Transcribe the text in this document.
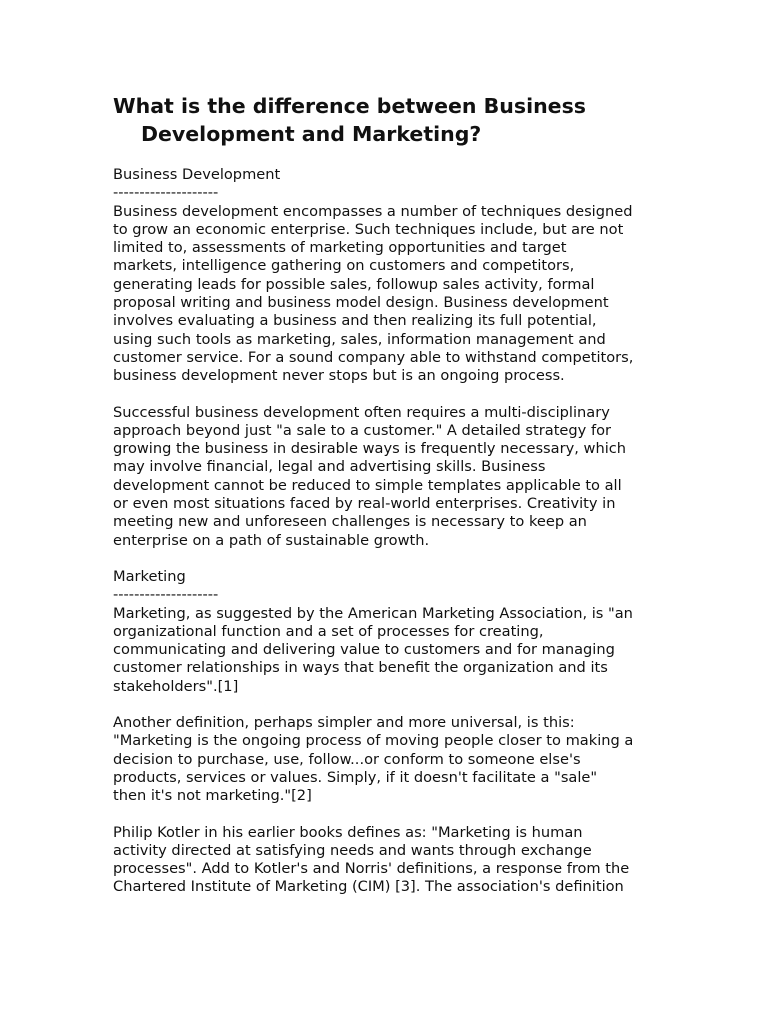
What is the difference between Business Development and Marketing?
Business Development
--------------------

Business development encompasses a number of techniques designed
to grow an economic enterprise. Such techniques include, but are not
limited to, assessments of marketing opportunities and target
markets, intelligence gathering on customers and competitors,
generating leads for possible sales, followup sales activity, formal
proposal writing and business model design. Business development
involves evaluating a business and then realizing its full potential,
using such tools as marketing, sales, information management and
customer service. For a sound company able to withstand competitors,
business development never stops but is an ongoing process.

Successful business development often requires a multi-disciplinary
approach beyond just "a sale to a customer." A detailed strategy for
growing the business in desirable ways is frequently necessary, which
may involve financial, legal and advertising skills. Business
development cannot be reduced to simple templates applicable to all
or even most situations faced by real-world enterprises. Creativity in
meeting new and unforeseen challenges is necessary to keep an
enterprise on a path of sustainable growth.

Marketing
--------------------

Marketing, as suggested by the American Marketing Association, is "an
organizational function and a set of processes for creating,
communicating and delivering value to customers and for managing
customer relationships in ways that benefit the organization and its
stakeholders".[1]

Another definition, perhaps simpler and more universal, is this:
"Marketing is the ongoing process of moving people closer to making a
decision to purchase, use, follow...or conform to someone else's
products, services or values. Simply, if it doesn't facilitate a "sale"
then it's not marketing."[2]

Philip Kotler in his earlier books defines as: "Marketing is human
activity directed at satisfying needs and wants through exchange
processes". Add to Kotler's and Norris' definitions, a response from the
Chartered Institute of Marketing (CIM) [3]. The association's definition
